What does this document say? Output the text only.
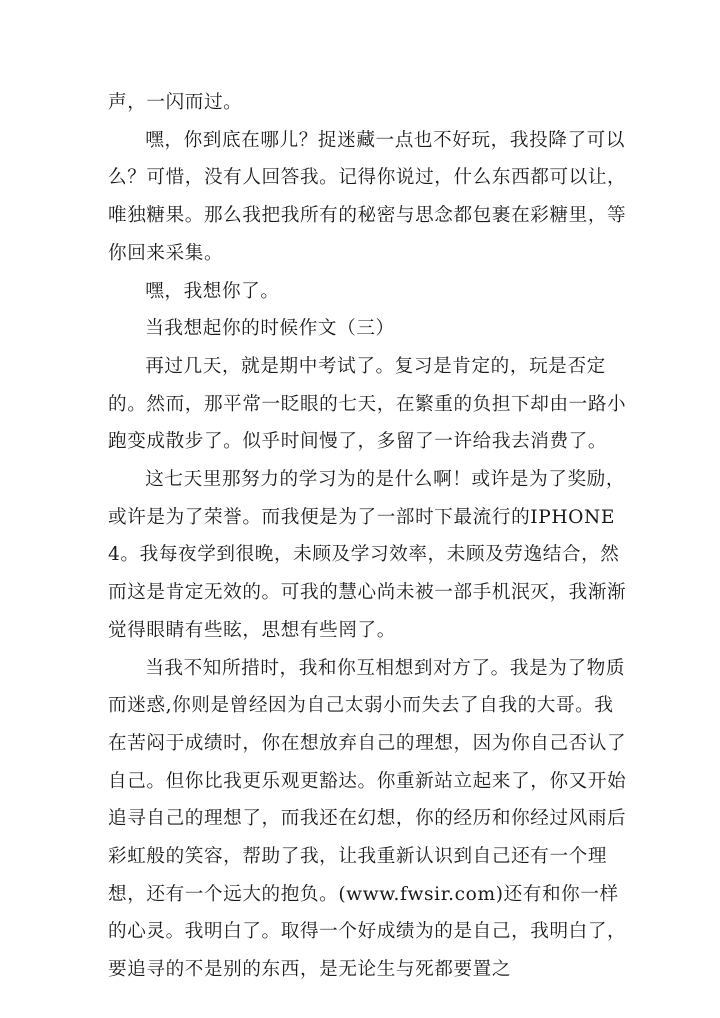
声，一闪而过。

嘿，你到底在哪儿？捉迷藏一点也不好玩，我投降了可以么？可惜，没有人回答我。记得你说过，什么东西都可以让，唯独糖果。那么我把我所有的秘密与思念都包裹在彩糖里，等你回来采集。

嘿，我想你了。

当我想起你的时候作文（三）

再过几天，就是期中考试了。复习是肯定的，玩是否定的。然而，那平常一眨眼的七天，在繁重的负担下却由一路小跑变成散步了。似乎时间慢了，多留了一许给我去消费了。

这七天里那努力的学习为的是什么啊！或许是为了奖励，或许是为了荣誉。而我便是为了一部时下最流行的IPHONE4。我每夜学到很晚，未顾及学习效率，未顾及劳逸结合，然而这是肯定无效的。可我的慧心尚未被一部手机泯灭，我渐渐觉得眼睛有些眩，思想有些罔了。

当我不知所措时，我和你互相想到对方了。我是为了物质而迷惑,你则是曾经因为自己太弱小而失去了自我的大哥。我在苦闷于成绩时，你在想放弃自己的理想，因为你自己否认了自己。但你比我更乐观更豁达。你重新站立起来了，你又开始追寻自己的理想了，而我还在幻想，你的经历和你经过风雨后彩虹般的笑容，帮助了我，让我重新认识到自己还有一个理想，还有一个远大的抱负。(www.fwsir.com)还有和你一样的心灵。我明白了。取得一个好成绩为的是自己，我明白了，要追寻的不是别的东西，是无论生与死都要置之
